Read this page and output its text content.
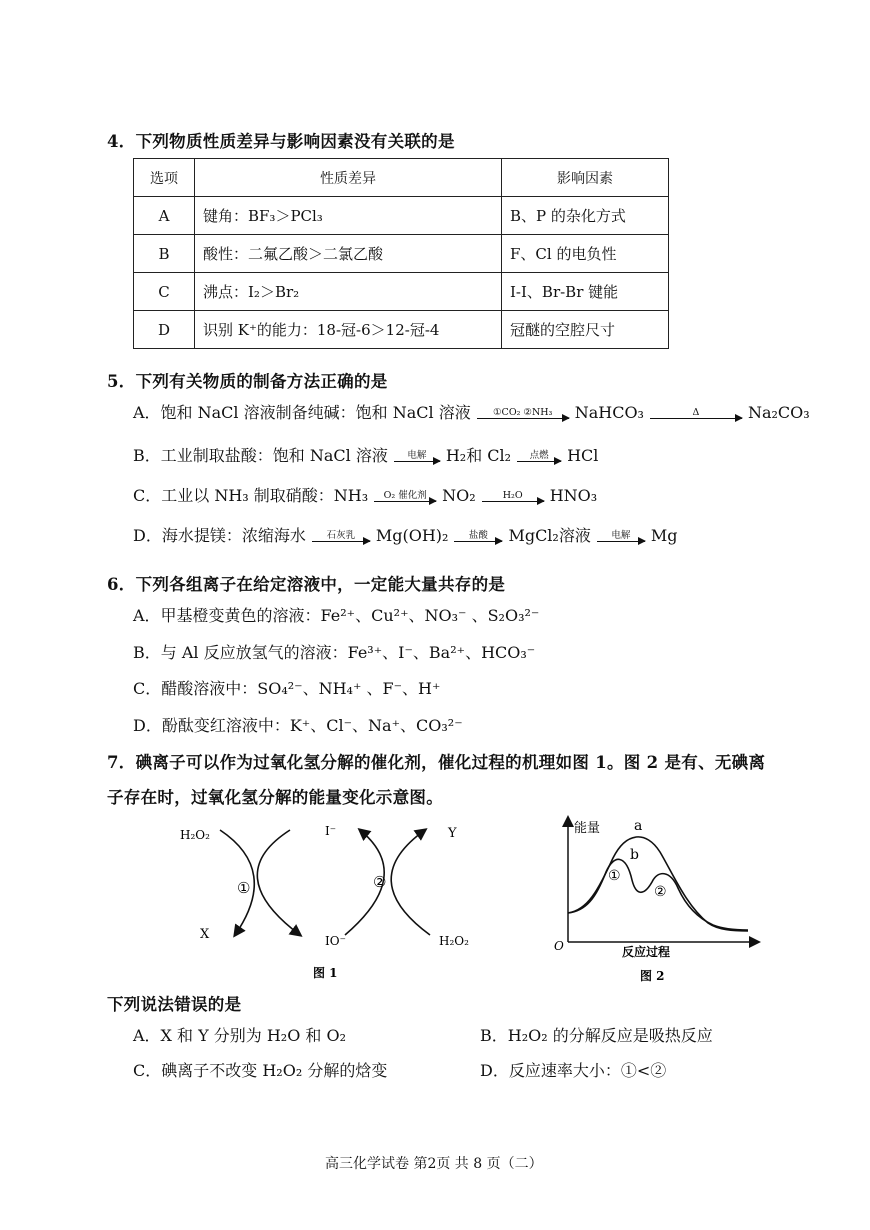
4．下列物质性质差异与影响因素没有关联的是
选项	性质差异	影响因素
A	键角：BF₃＞PCl₃	B、P 的杂化方式
B	酸性：二氟乙酸＞二氯乙酸	F、Cl 的电负性
C	沸点：I₂＞Br₂	I-I、Br-Br 键能
D	识别 K⁺的能力：18-冠-6＞12-冠-4	冠醚的空腔尺寸
5．下列有关物质的制备方法正确的是
A．饱和 NaCl 溶液制备纯碱：饱和 NaCl 溶液	①CO₂ ②NH₃	NaHCO₃	Δ	Na₂CO₃
B．工业制取盐酸：饱和 NaCl 溶液	电解	H₂和 Cl₂	点燃	HCl
C．工业以 NH₃ 制取硝酸：NH₃	O₂ 催化剂 NO₂	H₂O	HNO₃
D．海水提镁：浓缩海水	石灰乳	Mg(OH)₂	盐酸	MgCl₂溶液	电解	Mg
6．下列各组离子在给定溶液中，一定能大量共存的是
A．甲基橙变黄色的溶液：Fe²⁺、Cu²⁺、NO₃⁻ 、S₂O₃²⁻
B．与 Al 反应放氢气的溶液：Fe³⁺、I⁻、Ba²⁺、HCO₃⁻
C．醋酸溶液中：SO₄²⁻、NH₄⁺ 、F⁻、H⁺
D．酚酞变红溶液中：K⁺、Cl⁻、Na⁺、CO₃²⁻
7．碘离子可以作为过氧化氢分解的催化剂，催化过程的机理如图 1。图 2 是有、无碘离
子存在时，过氧化氢分解的能量变化示意图。
H₂O₂	I⁻	Y
X	IO⁻	H₂O₂
①	②
图 1
能量 a
b
①
②
O	反应过程
图 2
下列说法错误的是
A．X 和 Y 分别为 H₂O 和 O₂	B．H₂O₂ 的分解反应是吸热反应
C．碘离子不改变 H₂O₂ 分解的焓变	D．反应速率大小：①<②
高三化学试卷 第2页 共 8 页（二）
